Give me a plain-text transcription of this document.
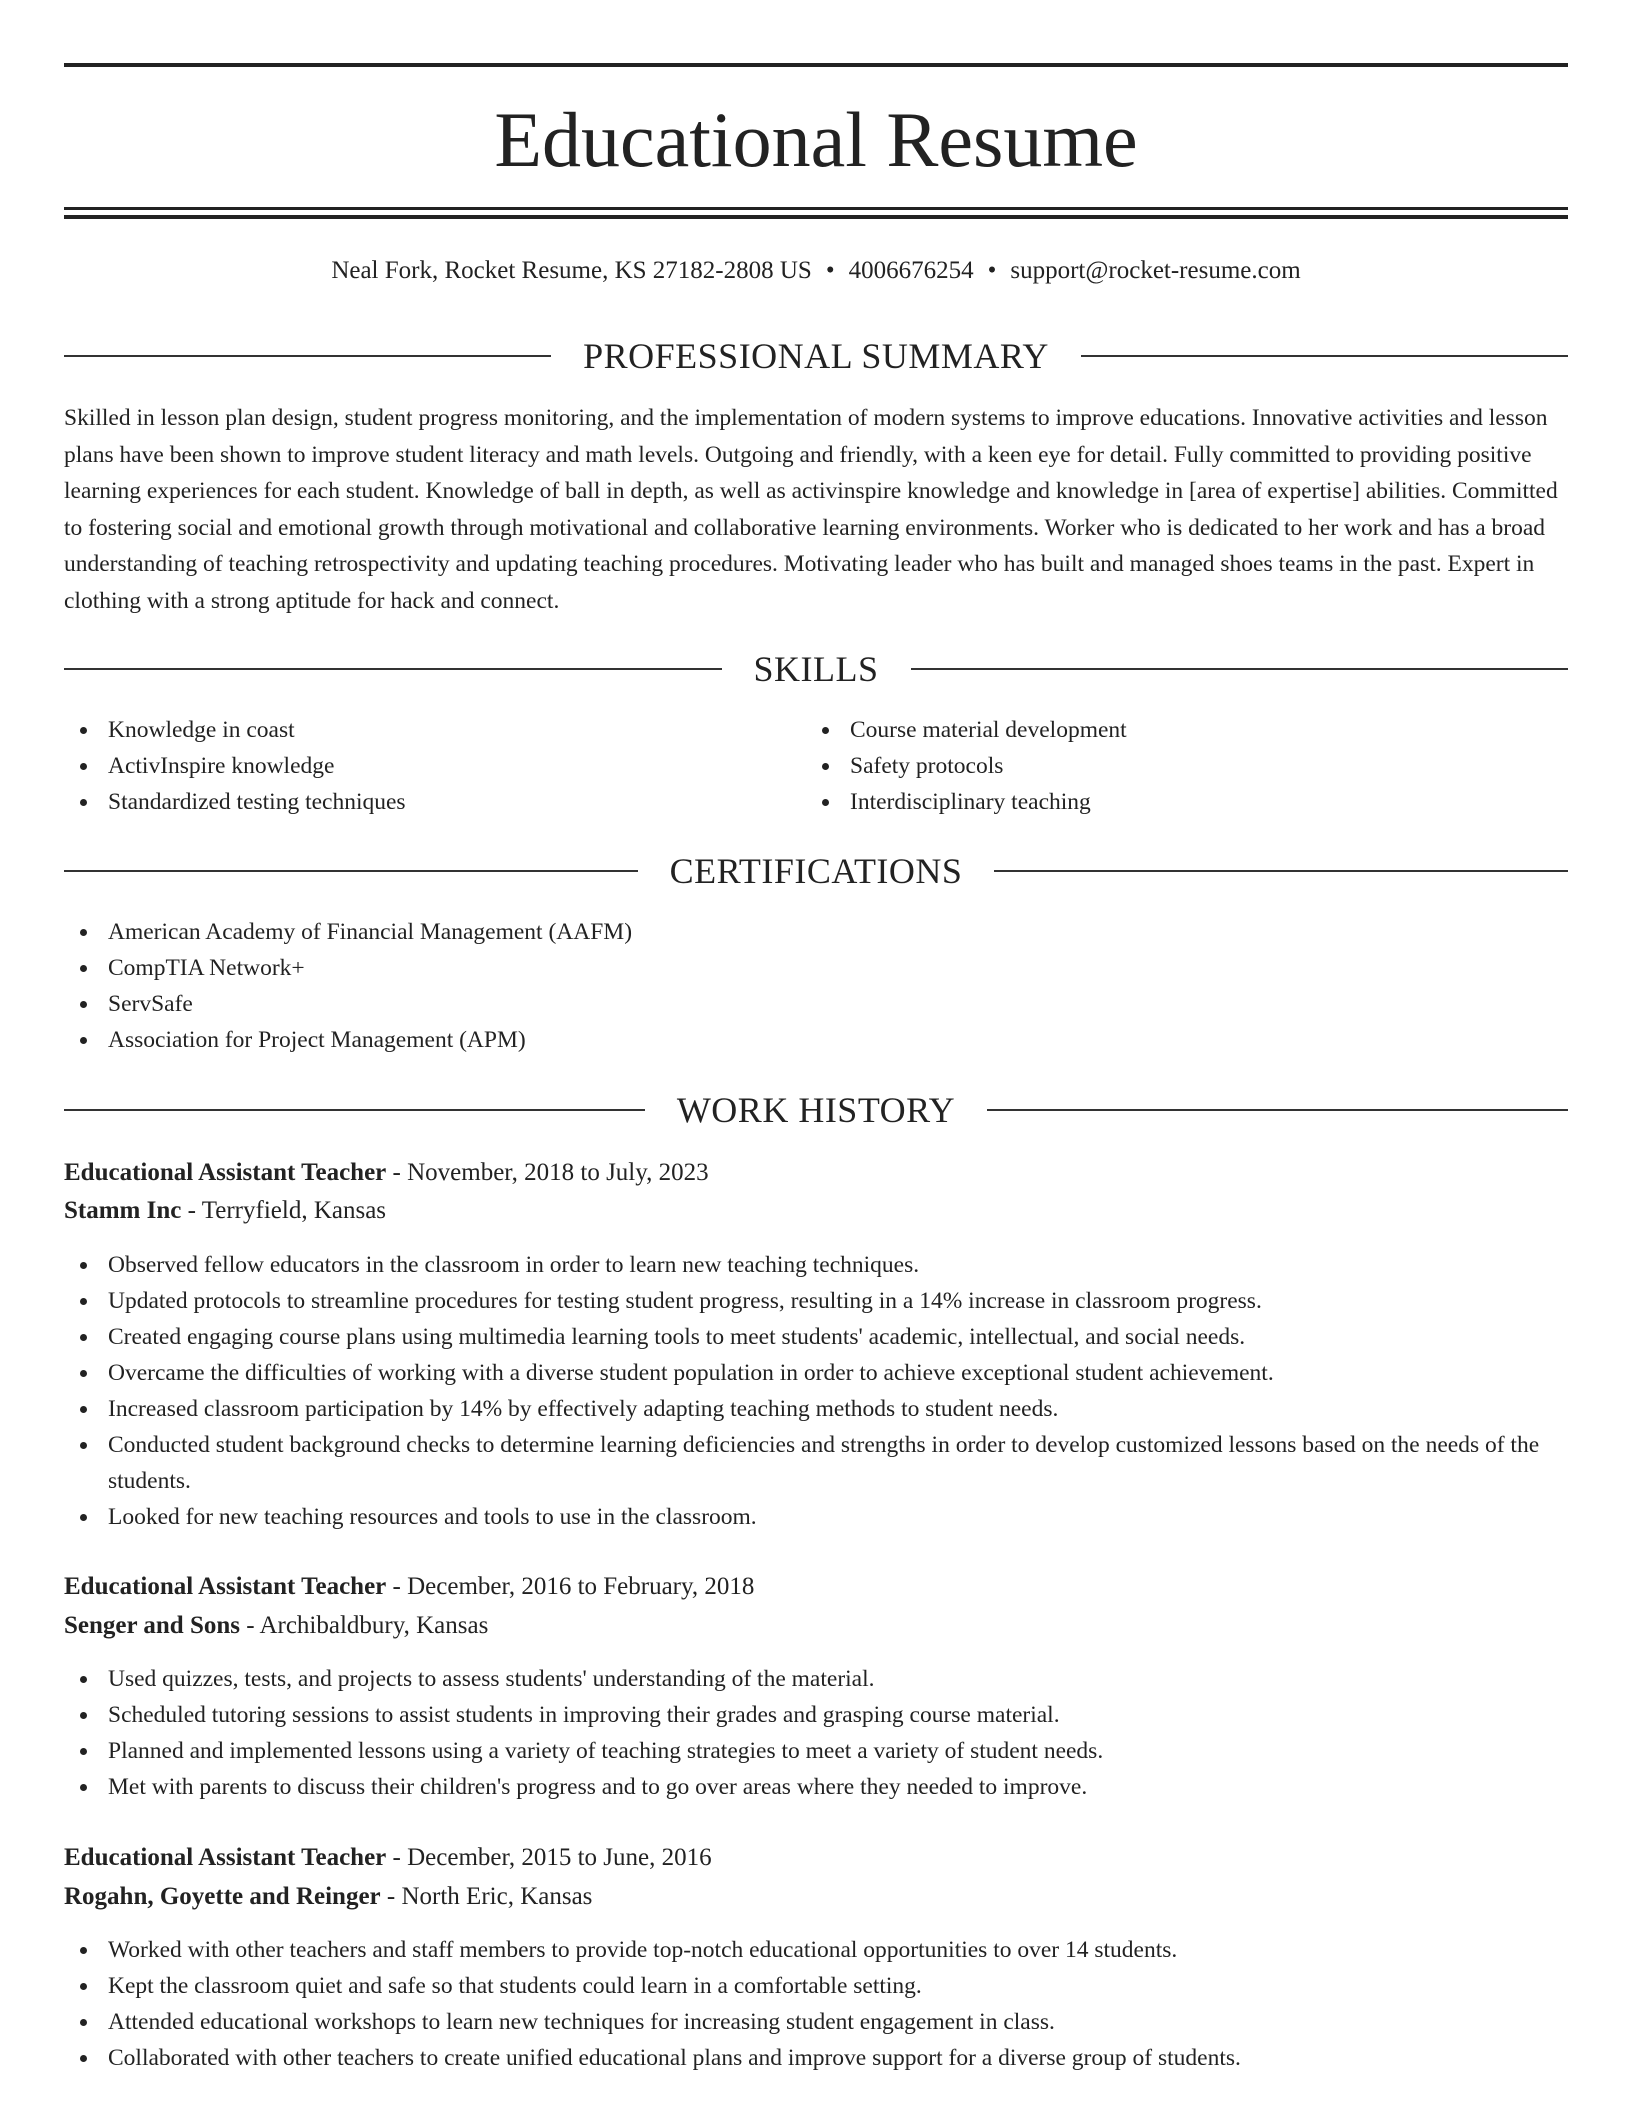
Educational Resume
Neal Fork, Rocket Resume, KS 27182-2808 US • 4006676254 • support@rocket-resume.com
PROFESSIONAL SUMMARY

Skilled in lesson plan design, student progress monitoring, and the implementation of modern systems to improve educations. Innovative activities and lesson plans have been shown to improve student literacy and math levels. Outgoing and friendly, with a keen eye for detail. Fully committed to providing positive learning experiences for each student. Knowledge of ball in depth, as well as activinspire knowledge and knowledge in [area of expertise] abilities. Committed to fostering social and emotional growth through motivational and collaborative learning environments. Worker who is dedicated to her work and has a broad understanding of teaching retrospectivity and updating teaching procedures. Motivating leader who has built and managed shoes teams in the past. Expert in clothing with a strong aptitude for hack and connect.

SKILLS
Knowledge in coast
ActivInspire knowledge
Standardized testing techniques
Course material development
Safety protocols
Interdisciplinary teaching
CERTIFICATIONS
American Academy of Financial Management (AAFM)
CompTIA Network+
ServSafe
Association for Project Management (APM)
WORK HISTORY
Educational Assistant Teacher - November, 2018 to July, 2023
Stamm Inc - Terryfield, Kansas
Observed fellow educators in the classroom in order to learn new teaching techniques.
Updated protocols to streamline procedures for testing student progress, resulting in a 14% increase in classroom progress.
Created engaging course plans using multimedia learning tools to meet students' academic, intellectual, and social needs.
Overcame the difficulties of working with a diverse student population in order to achieve exceptional student achievement.
Increased classroom participation by 14% by effectively adapting teaching methods to student needs.
Conducted student background checks to determine learning deficiencies and strengths in order to develop customized lessons based on the needs of the students.
Looked for new teaching resources and tools to use in the classroom.
Educational Assistant Teacher - December, 2016 to February, 2018
Senger and Sons - Archibaldbury, Kansas
Used quizzes, tests, and projects to assess students' understanding of the material.
Scheduled tutoring sessions to assist students in improving their grades and grasping course material.
Planned and implemented lessons using a variety of teaching strategies to meet a variety of student needs.
Met with parents to discuss their children's progress and to go over areas where they needed to improve.
Educational Assistant Teacher - December, 2015 to June, 2016
Rogahn, Goyette and Reinger - North Eric, Kansas
Worked with other teachers and staff members to provide top-notch educational opportunities to over 14 students.
Kept the classroom quiet and safe so that students could learn in a comfortable setting.
Attended educational workshops to learn new techniques for increasing student engagement in class.
Collaborated with other teachers to create unified educational plans and improve support for a diverse group of students.
